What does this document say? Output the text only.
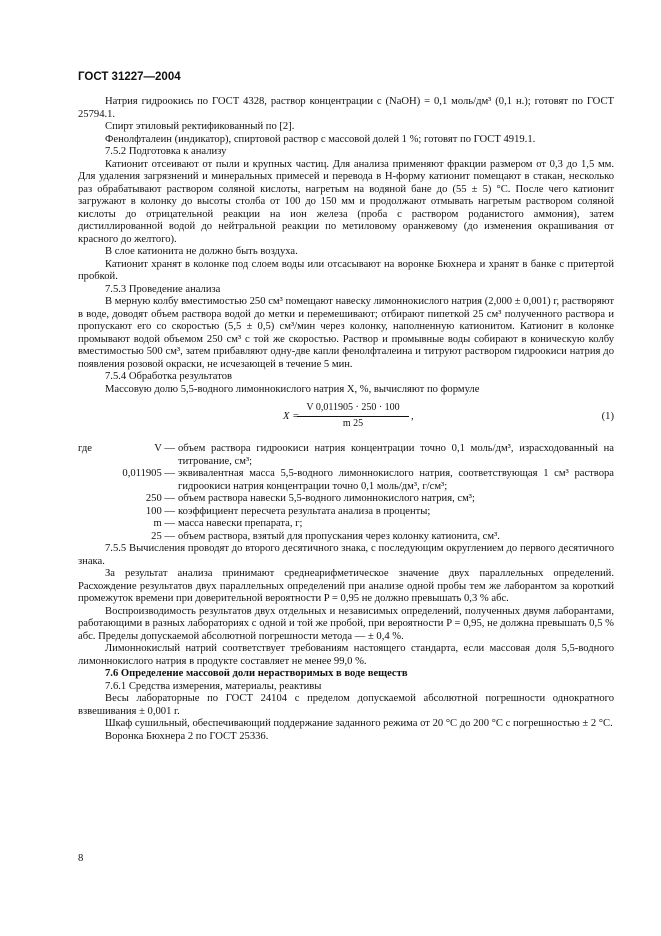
ГОСТ 31227—2004

Натрия гидроокись по ГОСТ 4328, раствор концентрации c (NaOH) = 0,1 моль/дм³ (0,1 н.); готовят по ГОСТ 25794.1.

Спирт этиловый ректификованный по [2].

Фенолфталеин (индикатор), спиртовой раствор с массовой долей 1 %; готовят по ГОСТ 4919.1.

7.5.2 Подготовка к анализу

Катионит отсеивают от пыли и крупных частиц. Для анализа применяют фракции размером от 0,3 до 1,5 мм. Для удаления загрязнений и минеральных примесей и перевода в H-форму катионит помещают в стакан, несколько раз обрабатывают раствором соляной кислоты, нагретым на водяной бане до (55 ± 5) °С. После чего катионит загружают в колонку до высоты столба от 100 до 150 мм и продолжают отмывать нагретым раствором соляной кислоты до отрицательной реакции на ион железа (проба с раствором роданистого аммония), затем дистиллированной водой до нейтральной реакции по метиловому оранжевому (до изменения окрашивания от красного до желтого).

В слое катионита не должно быть воздуха.

Катионит хранят в колонке под слоем воды или отсасывают на воронке Бюхнера и хранят в банке с притертой пробкой.

7.5.3 Проведение анализа

В мерную колбу вместимостью 250 см³ помещают навеску лимоннокислого натрия (2,000 ± 0,001) г, растворяют в воде, доводят объем раствора водой до метки и перемешивают; отбирают пипеткой 25 см³ полученного раствора и пропускают его со скоростью (5,5 ± 0,5) см³/мин через колонку, наполненную катионитом. Катионит в колонке промывают водой объемом 250 см³ с той же скоростью. Раствор и промывные воды собирают в коническую колбу вместимостью 500 см³, затем прибавляют одну-две капли фенолфталеина и титруют раствором гидроокиси натрия до появления розовой окраски, не исчезающей в течение 5 мин.

7.5.4 Обработка результатов

Массовую долю 5,5-водного лимоннокислого натрия X, %, вычисляют по формуле

X =
$\frac{V 0,011905 \cdot 250 \cdot 100}{m 25}$ ,	(1)
где	V — объем раствора гидроокиси натрия концентрации точно 0,1 моль/дм³, израсходованный на титрование, см³;
0,011905 — эквивалентная масса 5,5-водного лимоннокислого натрия, соответствующая 1 см³ раствора гидроокиси натрия концентрации точно 0,1 моль/дм³, г/см³;
250 — объем раствора навески 5,5-водного лимоннокислого натрия, см³;
100 — коэффициент пересчета результата анализа в проценты;
m — масса навески препарата, г;
25 — объем раствора, взятый для пропускания через колонку катионита, см³.

7.5.5 Вычисления проводят до второго десятичного знака, с последующим округлением до первого десятичного знака.

За результат анализа принимают среднеарифметическое значение двух параллельных определений. Расхождение результатов двух параллельных определений при анализе одной пробы тем же лаборантом за короткий промежуток времени при доверительной вероятности P = 0,95 не должно превышать 0,3 % абс.

Воспроизводимость результатов двух отдельных и независимых определений, полученных двумя лаборантами, работающими в разных лабораториях с одной и той же пробой, при вероятности P = 0,95, не должна превышать 0,5 % абс. Пределы допускаемой абсолютной погрешности метода — ± 0,4 %.

Лимоннокислый натрий соответствует требованиям настоящего стандарта, если массовая доля 5,5-водного лимоннокислого натрия в продукте составляет не менее 99,0 %.

7.6 Определение массовой доли нерастворимых в воде веществ

7.6.1 Средства измерения, материалы, реактивы

Весы лабораторные по ГОСТ 24104 с пределом допускаемой абсолютной погрешности однократного взвешивания ± 0,001 г.

Шкаф сушильный, обеспечивающий поддержание заданного режима от 20 °С до 200 °С с погрешностью ± 2 °С.

Воронка Бюхнера 2 по ГОСТ 25336.

8
